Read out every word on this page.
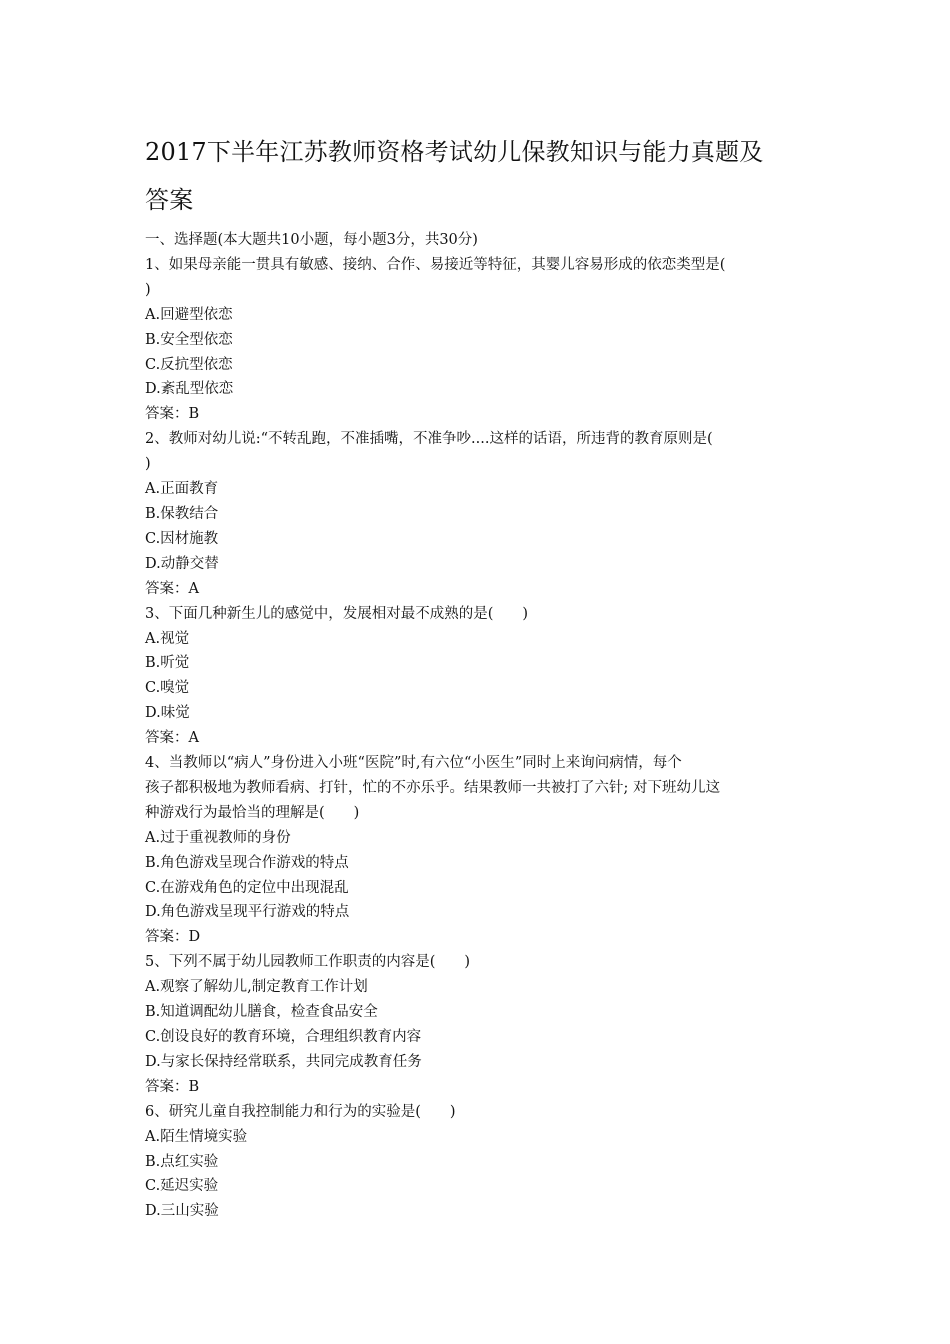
2017下半年江苏教师资格考试幼儿保教知识与能力真题及
答案
一、选择题(本大题共10小题，每小题3分，共30分)
1、如果母亲能一贯具有敏感、接纳、合作、易接近等特征，其婴儿容易形成的依恋类型是(
)
A.回避型依恋
B.安全型依恋
C.反抗型依恋
D.紊乱型依恋
答案：B
2、教师对幼儿说:“不转乱跑，不准插嘴，不准争吵....这样的话语，所违背的教育原则是(
)
A.正面教育
B.保教结合
C.因材施教
D.动静交替
答案：A
3、下面几种新生儿的感觉中，发展相对最不成熟的是(　　)
A.视觉
B.听觉
C.嗅觉
D.味觉
答案：A
4、当教师以“病人”身份进入小班“医院”时,有六位“小医生”同时上来询问病情，每个
孩子都积极地为教师看病、打针，忙的不亦乐乎。结果教师一共被打了六针; 对下班幼儿这
种游戏行为最恰当的理解是(　　)
A.过于重视教师的身份
B.角色游戏呈现合作游戏的特点
C.在游戏角色的定位中出现混乱
D.角色游戏呈现平行游戏的特点
答案：D
5、下列不属于幼儿园教师工作职责的内容是(　　)
A.观察了解幼儿,制定教育工作计划
B.知道调配幼儿膳食，检查食品安全
C.创设良好的教育环境，合理组织教育内容
D.与家长保持经常联系，共同完成教育任务
答案：B
6、研究儿童自我控制能力和行为的实验是(　　)
A.陌生情境实验
B.点红实验
C.延迟实验
D.三山实验
